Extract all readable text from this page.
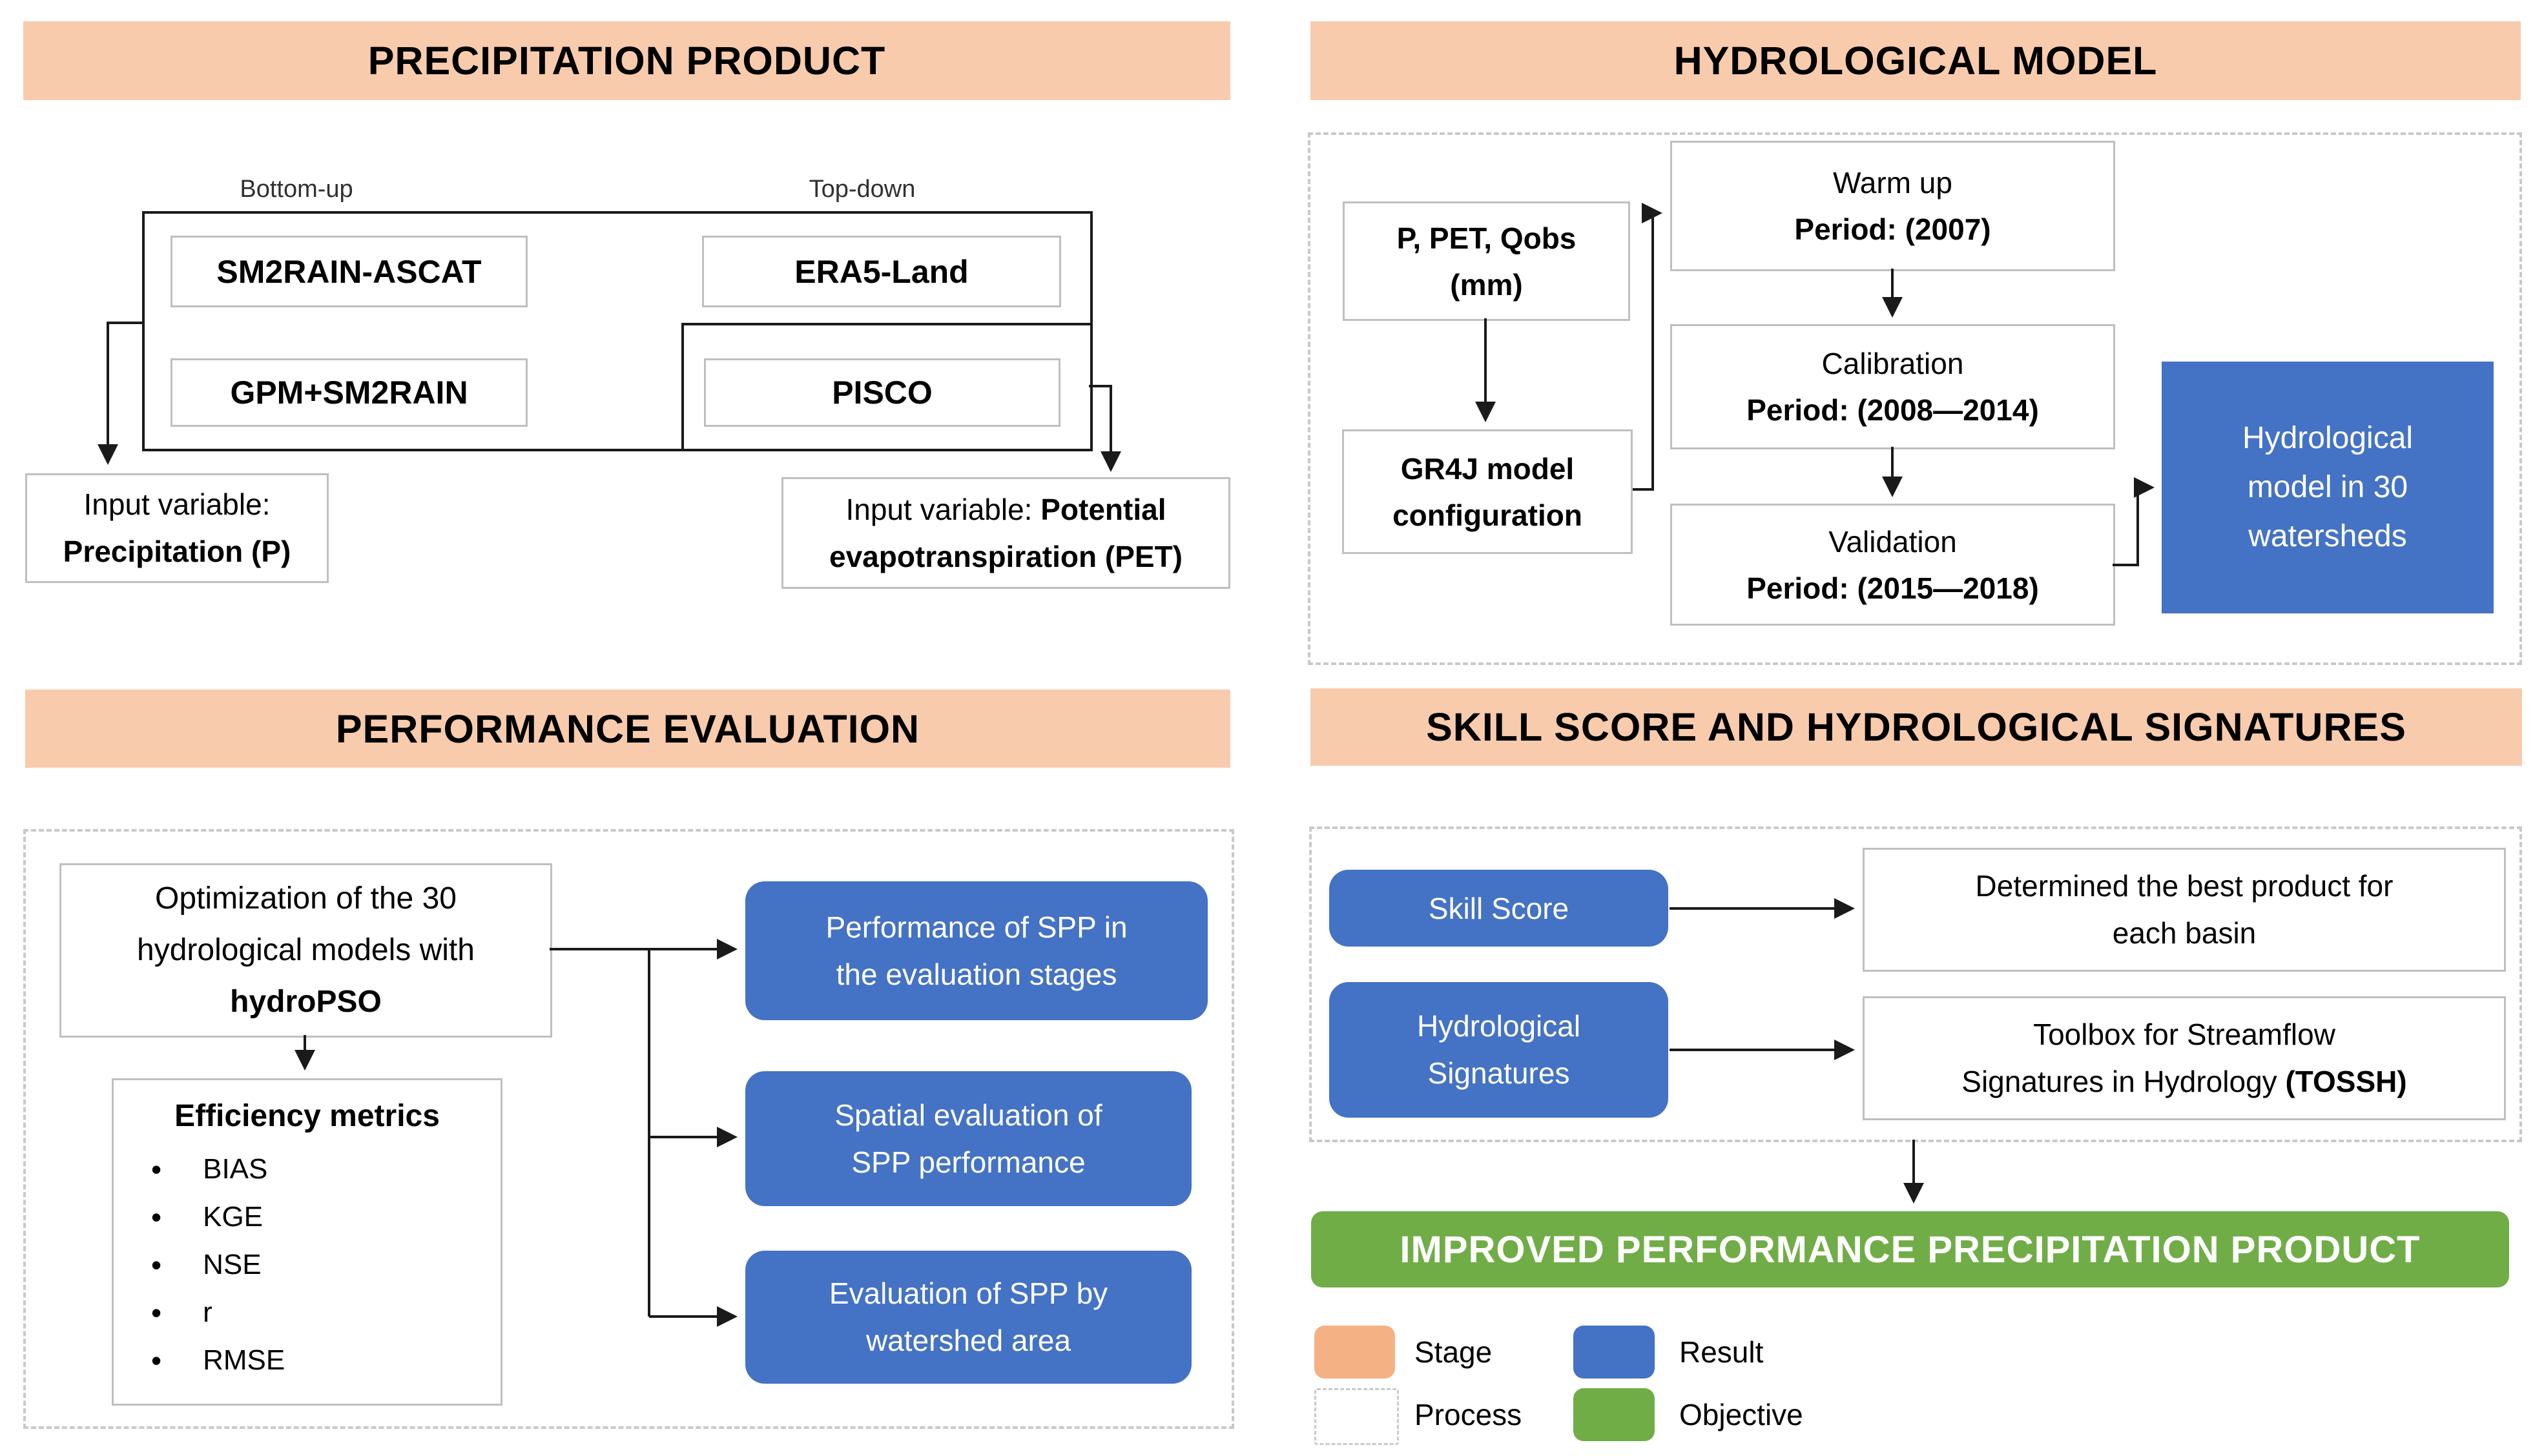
PRECIPITATION PRODUCT
Bottom-up	Top-down
SM2RAIN-ASCAT	ERA5-Land
GPM+SM2RAIN	PISCO
Input variable:
Precipitation (P)
Input variable: Potential
evapotranspiration (PET)
HYDROLOGICAL MODEL
P, PET, Qobs
(mm)
GR4J model
configuration
Warm up
Period: (2007)
Calibration
Period: (2008—2014)
Validation
Period: (2015—2018)
Hydrological
model in 30
watersheds
PERFORMANCE EVALUATION
Optimization of the 30
hydrological models with
hydroPSO
Efficiency metrics
• BIAS
• KGE
• NSE
• r
• RMSE
Performance of SPP in
the evaluation stages
Spatial evaluation of
SPP performance
Evaluation of SPP by
watershed area
SKILL SCORE AND HYDROLOGICAL SIGNATURES
Skill Score
Hydrological
Signatures
Determined the best product for
each basin
Toolbox for Streamflow
Signatures in Hydrology (TOSSH)
IMPROVED PERFORMANCE PRECIPITATION PRODUCT
Stage
Process
Result
Objective
